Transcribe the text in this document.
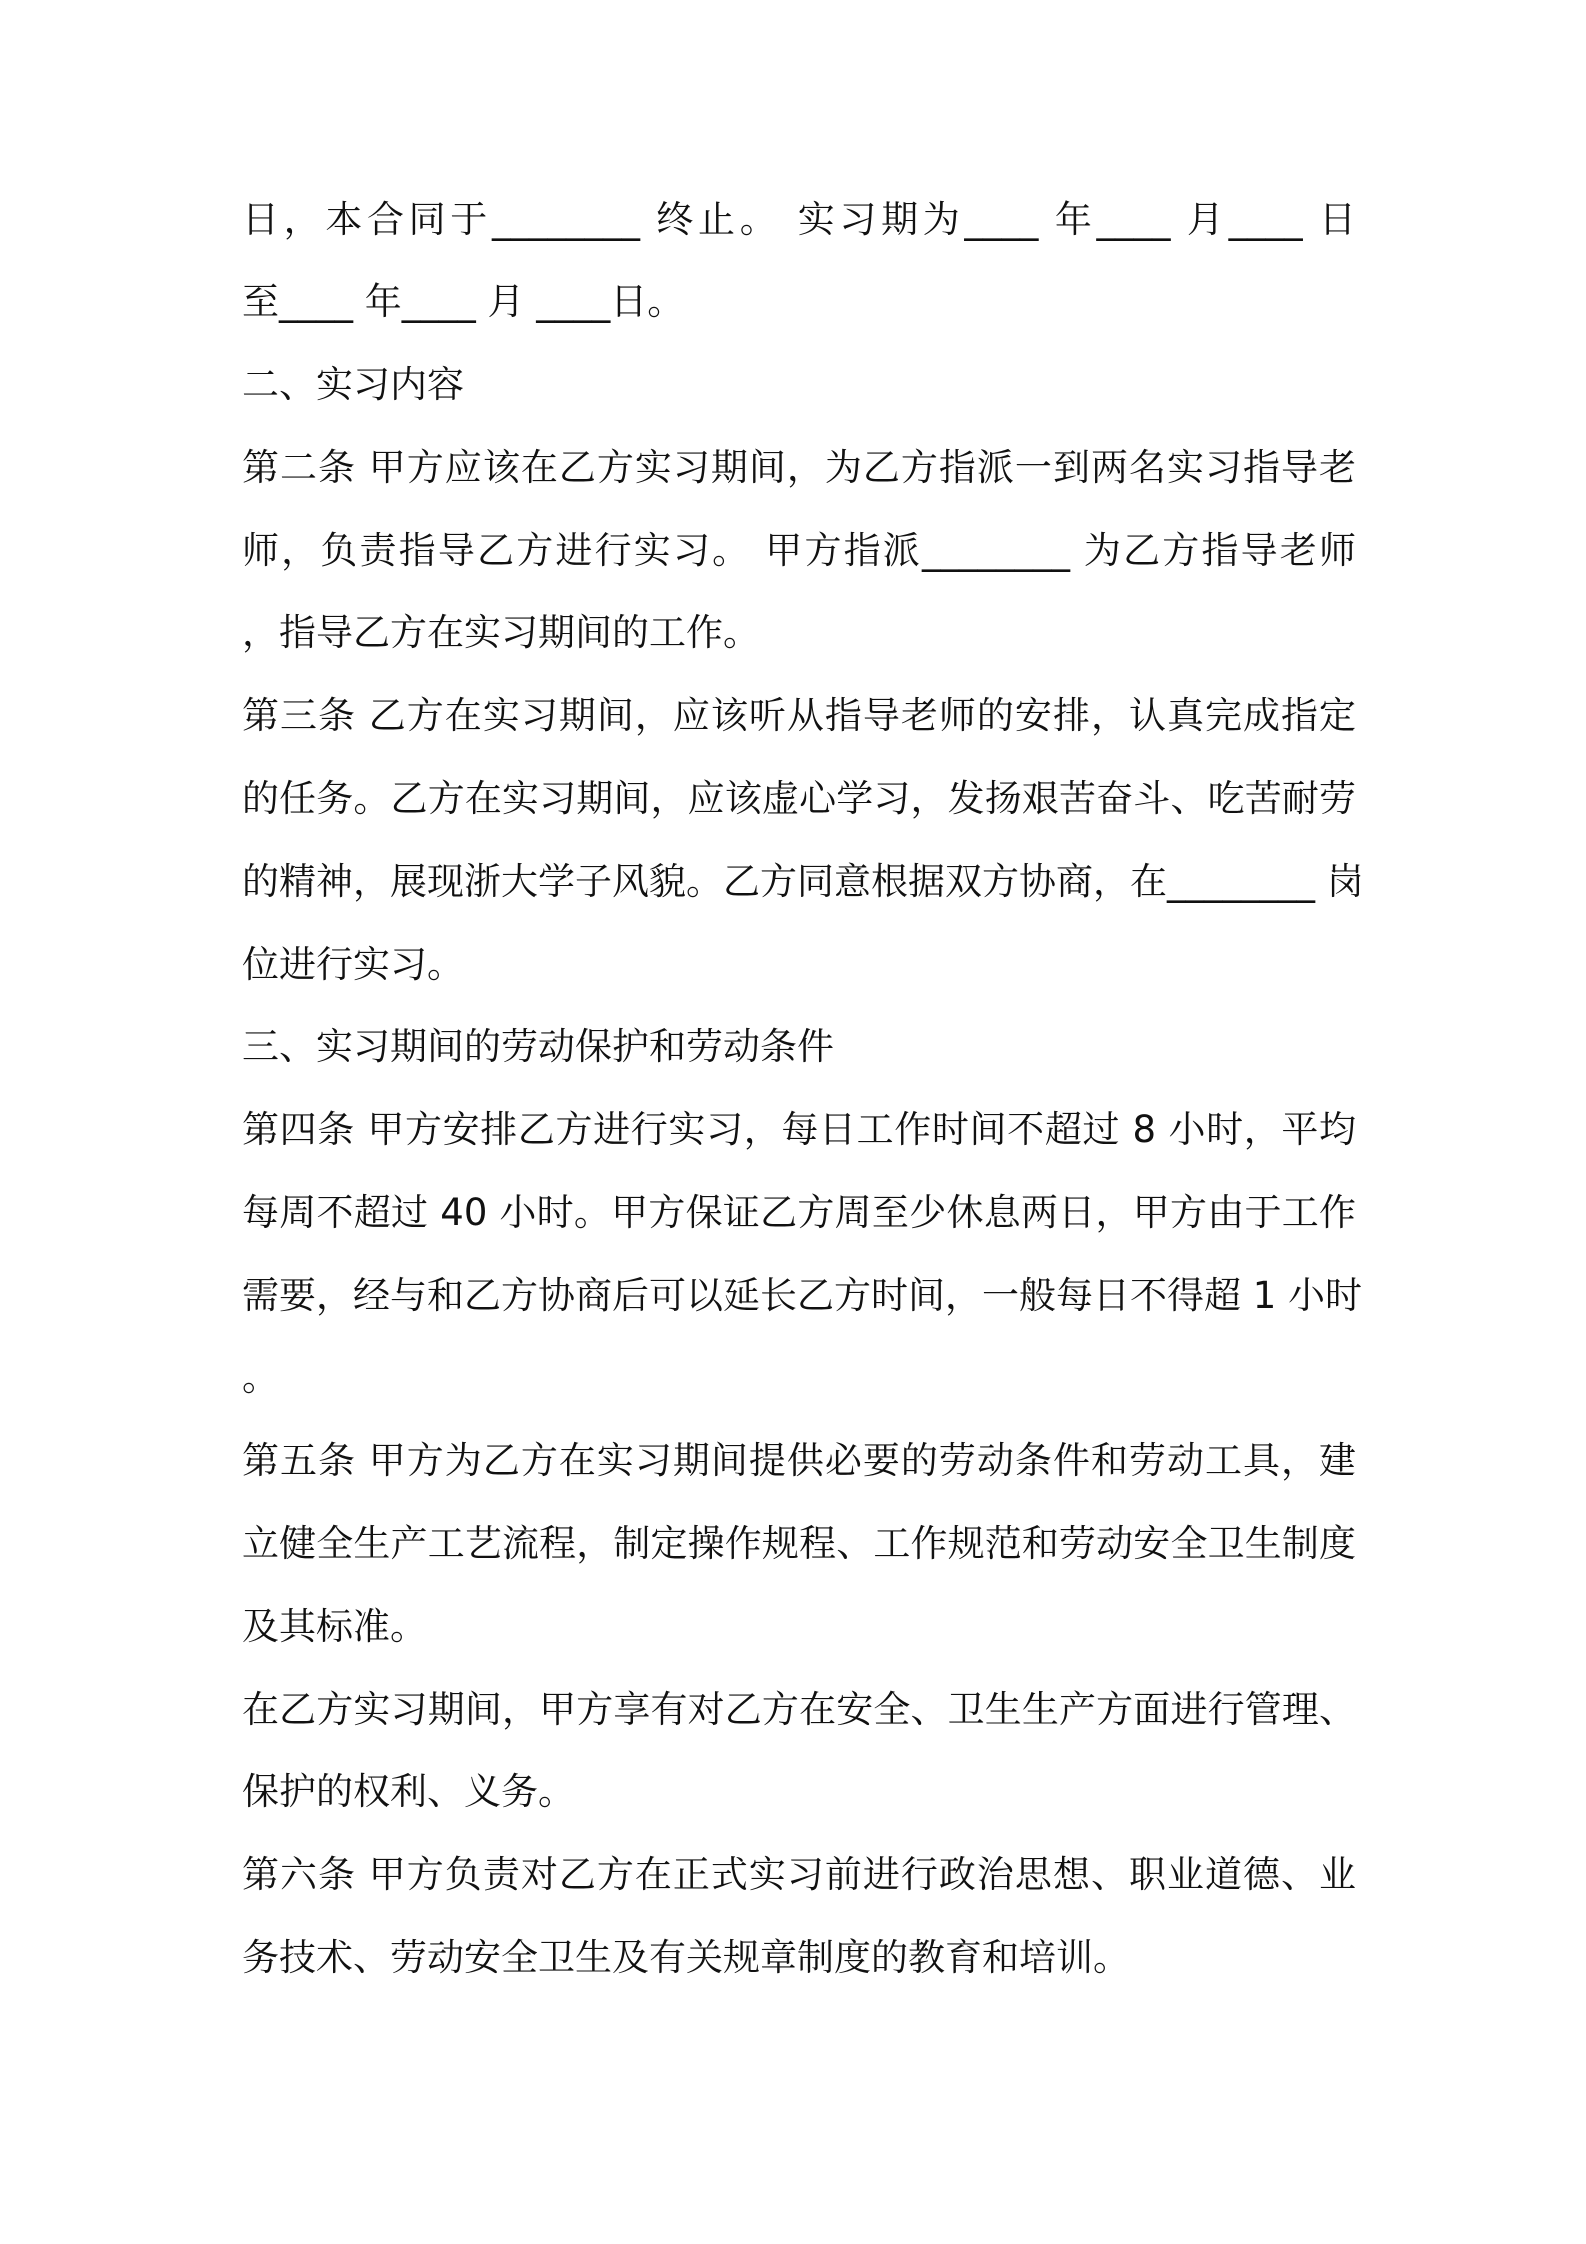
日，本合同于________ 终止。 实习期为____ 年____ 月____ 日
至____ 年____ 月 ____日。
二、实习内容
第二条 甲方应该在乙方实习期间，为乙方指派一到两名实习指导老
师，负责指导乙方进行实习。 甲方指派________ 为乙方指导老师
，指导乙方在实习期间的工作。
第三条 乙方在实习期间，应该听从指导老师的安排，认真完成指定
的任务。乙方在实习期间，应该虚心学习，发扬艰苦奋斗、吃苦耐劳
的精神，展现浙大学子风貌。乙方同意根据双方协商，在________ 岗
位进行实习。
三、实习期间的劳动保护和劳动条件
第四条 甲方安排乙方进行实习，每日工作时间不超过 8 小时，平均
每周不超过 40 小时。甲方保证乙方周至少休息两日，甲方由于工作
需要，经与和乙方协商后可以延长乙方时间，一般每日不得超 1 小时
。
第五条 甲方为乙方在实习期间提供必要的劳动条件和劳动工具，建
立健全生产工艺流程，制定操作规程、工作规范和劳动安全卫生制度
及其标准。
在乙方实习期间，甲方享有对乙方在安全、卫生生产方面进行管理、
保护的权利、义务。
第六条 甲方负责对乙方在正式实习前进行政治思想、职业道德、业
务技术、劳动安全卫生及有关规章制度的教育和培训。
